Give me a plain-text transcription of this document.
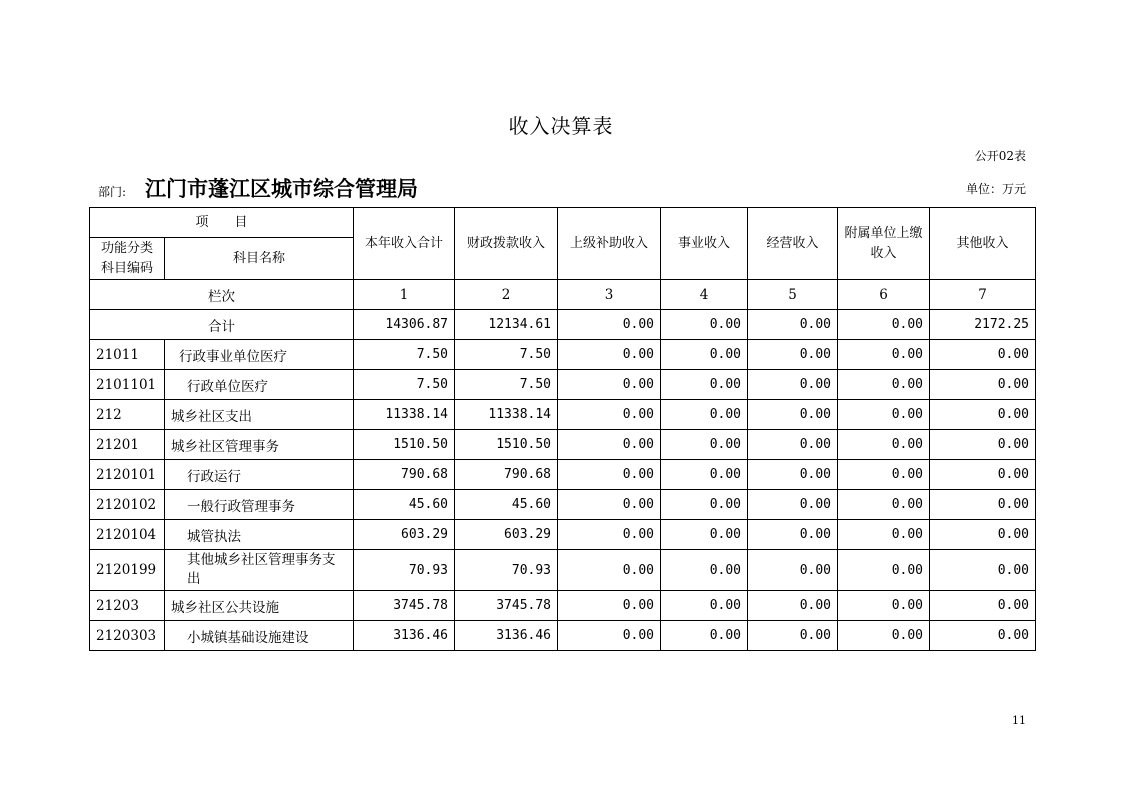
收入决算表
公开02表
部门: 江门市蓬江区城市综合管理局	单位：万元
项　　目		本年收入合计	财政拨款收入	上级补助收入	事业收入	经营收入	附属单位上缴收入	其他收入
功能分类科目编码	科目名称							
栏次		1	2	3	4	5	6	7
合计		14306.87	12134.61	0.00	0.00	0.00	0.00	2172.25
21011	行政事业单位医疗	7.50	7.50	0.00	0.00	0.00	0.00	0.00
2101101	行政单位医疗	7.50	7.50	0.00	0.00	0.00	0.00	0.00
212	城乡社区支出	11338.14	11338.14	0.00	0.00	0.00	0.00	0.00
21201	城乡社区管理事务	1510.50	1510.50	0.00	0.00	0.00	0.00	0.00
2120101	行政运行	790.68	790.68	0.00	0.00	0.00	0.00	0.00
2120102	一般行政管理事务	45.60	45.60	0.00	0.00	0.00	0.00	0.00
2120104	城管执法	603.29	603.29	0.00	0.00	0.00	0.00	0.00
2120199	其他城乡社区管理事务支出	70.93	70.93	0.00	0.00	0.00	0.00	0.00
21203	城乡社区公共设施	3745.78	3745.78	0.00	0.00	0.00	0.00	0.00
2120303	小城镇基础设施建设	3136.46	3136.46	0.00	0.00	0.00	0.00	0.00
11
